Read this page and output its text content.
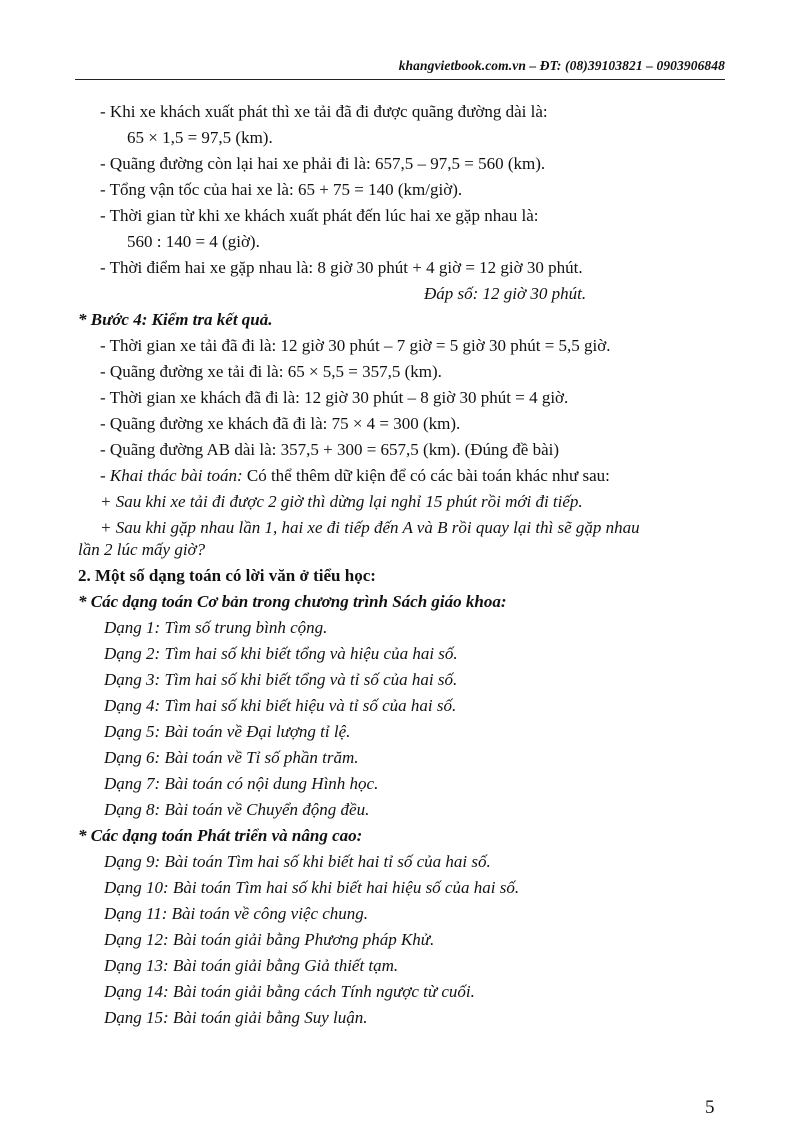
khangvietbook.com.vn – ĐT: (08)39103821 – 0903906848
- Khi xe khách xuất phát thì xe tải đã đi được quãng đường dài là:
65 × 1,5 = 97,5 (km).
- Quãng đường còn lại hai xe phải đi là: 657,5 – 97,5 = 560 (km).
- Tổng vận tốc của hai xe là: 65 + 75 = 140 (km/giờ).
- Thời gian từ khi xe khách xuất phát đến lúc hai xe gặp nhau là:
560 : 140 = 4 (giờ).
- Thời điểm hai xe gặp nhau là: 8 giờ 30 phút + 4 giờ = 12 giờ 30 phút.
Đáp số: 12 giờ 30 phút.
* Bước 4: Kiểm tra kết quả.
- Thời gian xe tải đã đi là: 12 giờ 30 phút – 7 giờ = 5 giờ 30 phút = 5,5 giờ.
- Quãng đường xe tải đi là: 65 × 5,5 = 357,5 (km).
- Thời gian xe khách đã đi là: 12 giờ 30 phút – 8 giờ 30 phút = 4 giờ.
- Quãng đường xe khách đã đi là: 75 × 4 = 300 (km).
- Quãng đường AB dài là: 357,5 + 300 = 657,5 (km). (Đúng đề bài)
- Khai thác bài toán: Có thể thêm dữ kiện để có các bài toán khác như sau:
+ Sau khi xe tải đi được 2 giờ thì dừng lại nghỉ 15 phút rồi mới đi tiếp.
+ Sau khi gặp nhau lần 1, hai xe đi tiếp đến A và B rồi quay lại thì sẽ gặp nhau
lần 2 lúc mấy giờ?
2. Một số dạng toán có lời văn ở tiểu học:
* Các dạng toán Cơ bản trong chương trình Sách giáo khoa:
Dạng 1: Tìm số trung bình cộng.
Dạng 2: Tìm hai số khi biết tổng và hiệu của hai số.
Dạng 3: Tìm hai số khi biết tổng và tỉ số của hai số.
Dạng 4: Tìm hai số khi biết hiệu và tỉ số của hai số.
Dạng 5: Bài toán về Đại lượng tỉ lệ.
Dạng 6: Bài toán về Tỉ số phần trăm.
Dạng 7: Bài toán có nội dung Hình học.
Dạng 8: Bài toán về Chuyển động đều.
* Các dạng toán Phát triển và nâng cao:
Dạng 9: Bài toán Tìm hai số khi biết hai tỉ số của hai số.
Dạng 10: Bài toán Tìm hai số khi biết hai hiệu số của hai số.
Dạng 11: Bài toán về công việc chung.
Dạng 12: Bài toán giải bằng Phương pháp Khử.
Dạng 13: Bài toán giải bằng Giả thiết tạm.
Dạng 14: Bài toán giải bằng cách Tính ngược từ cuối.
Dạng 15: Bài toán giải bằng Suy luận.
5
